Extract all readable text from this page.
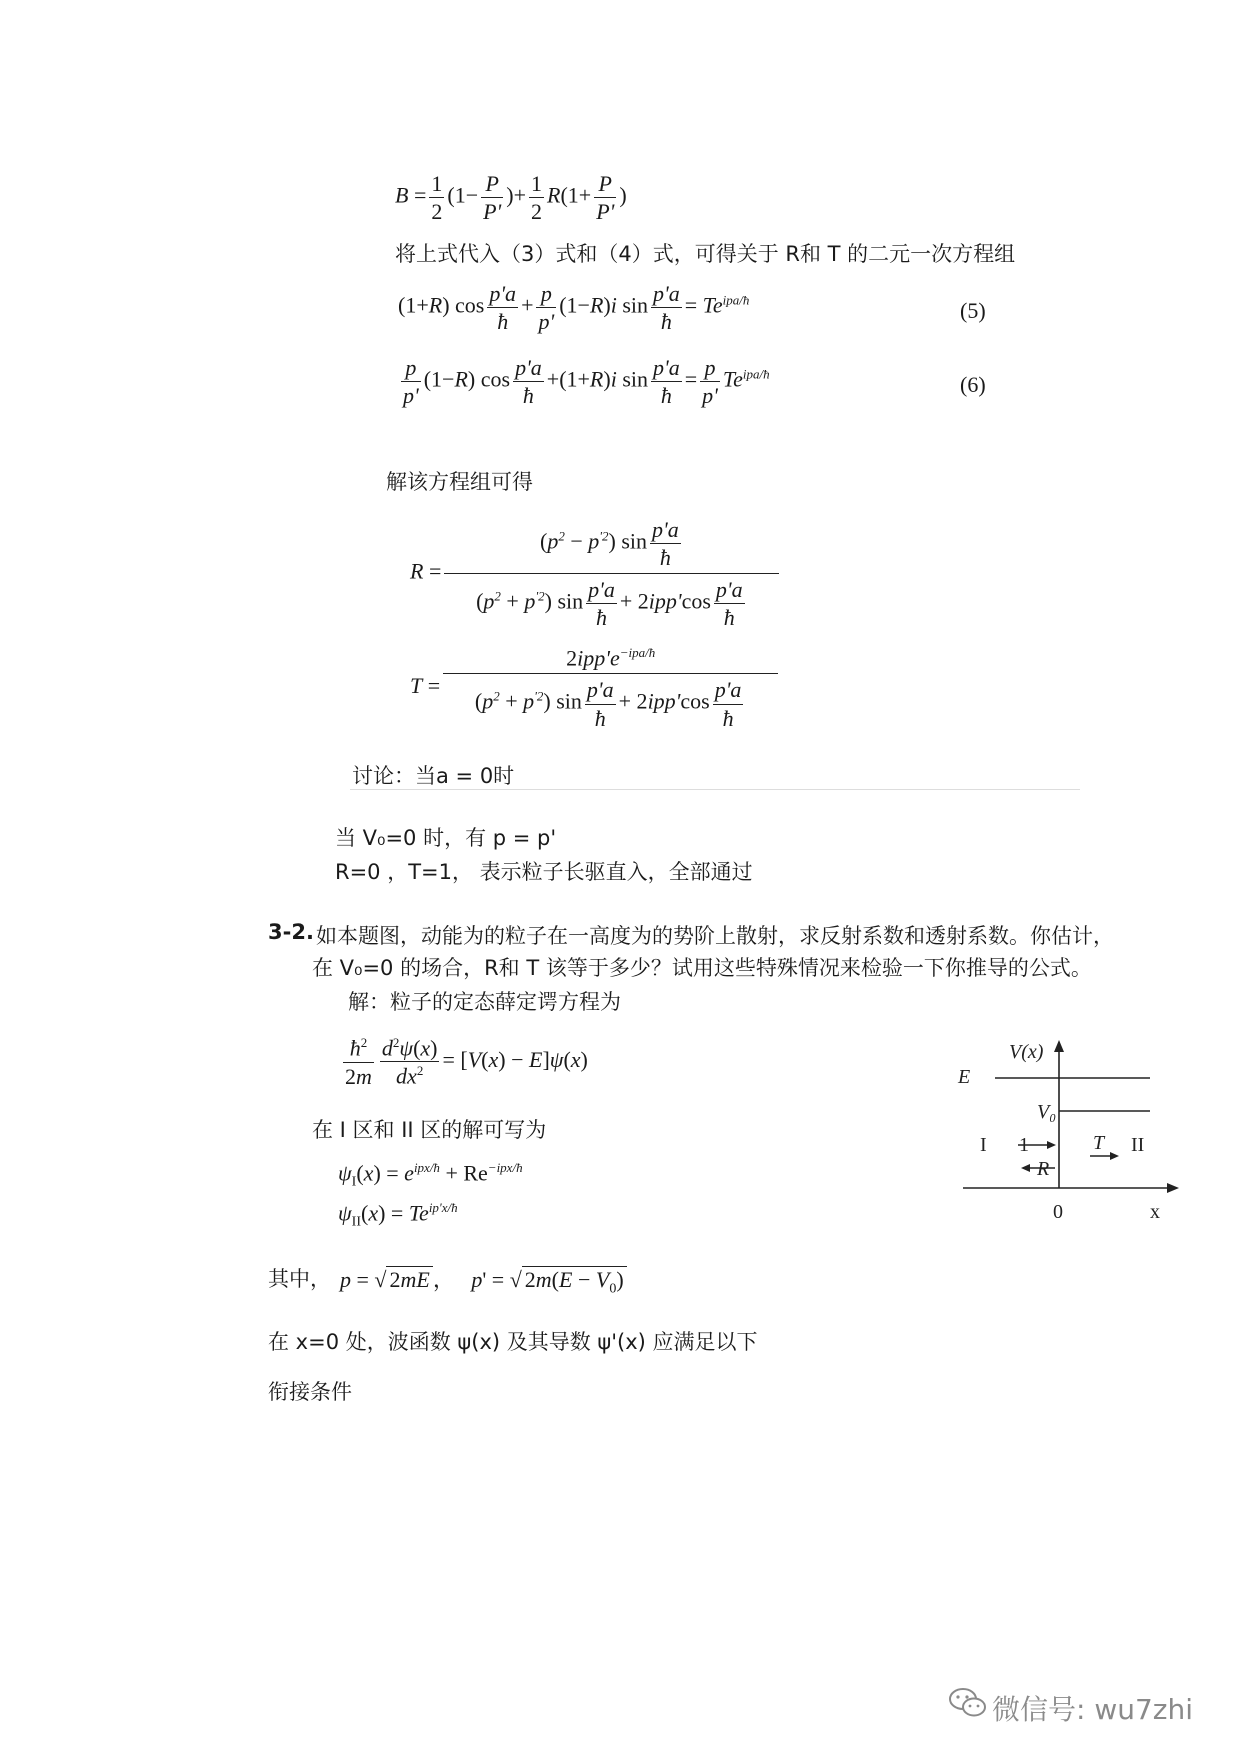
$B = \frac{1}{2} (1- \frac{P}{P'}$ )+ $\frac{1}{2} R(1+ \frac{P}{P'}$ )
将上式代入（3）式和（4）式，可得关于 R和 T 的二元一次方程组
(1+R) $\cos \frac{p'a}{ħ} + \frac{p}{p'} (1-R)i$ $\sin \frac{p'a}{ħ} = Te^{ipa/ħ}$	(5)
$\frac{p}{p'} (1-R)$ $\cos \frac{p'a}{ħ} +(1+R)i$ $\sin \frac{p'a}{ħ} = \frac{p}{p'} Te^{ipa/ħ}$	(6)
解该方程组可得
$R = \frac{(p^2 - p^{'2}) \sin \frac{p'a}{ħ}}{(p^2 + p^{'2}) \sin \frac{p'a}{ħ} + 2ipp'\cos \frac{p'a}{ħ}}$
$T = \frac{2ipp'e^{-ipa/ħ}}{(p^2 + p^{'2}) \sin \frac{p'a}{ħ} + 2ipp'\cos \frac{p'a}{ħ}}$
讨论：当a = 0时
当 V₀=0 时，有 p = p'
R=0 ，T=1， 表示粒子长驱直入，全部通过
3-2. 如本题图，动能为的粒子在一高度为的势阶上散射，求反射系数和透射系数。你估计，
在 V₀=0 的场合，R和 T 该等于多少？试用这些特殊情况来检验一下你推导的公式。
解：粒子的定态薛定谔方程为
$\frac{ħ^2}{2m} \frac{d^2\psi(x)}{dx^2} = [V(x) - E]\psi(x)$
在 I 区和 II 区的解可写为
$\psi_I(x) = e^{ipx/ħ} + Re^{-ipx/ħ}$
$\psi_{II}(x) = Te^{ip'x/ħ}$
其中， p = √ 2mE ，   p' = √ $2m(E - V_0)$
在 x=0 处，波函数 ψ(x) 及其导数 ψ'(x) 应满足以下
衔接条件
V(x)
E
V₀
T
R
I 1	II
0	x
微信号: wu7zhi
